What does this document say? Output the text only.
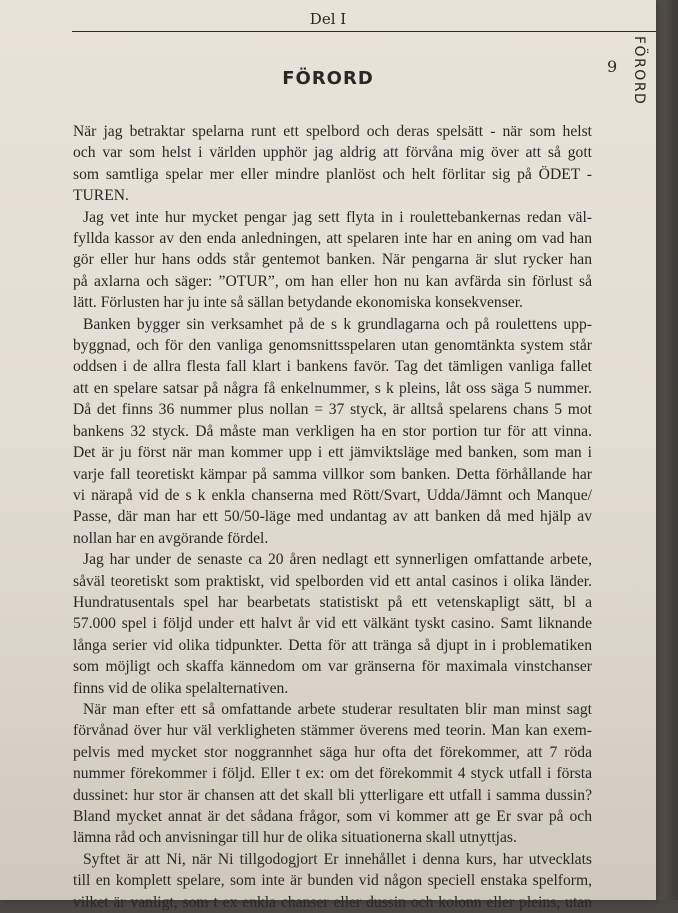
Del I
FÖRORD
9
FÖRORD

När jag betraktar spelarna runt ett spelbord och deras spelsätt - när som helst
och var som helst i världen upphör jag aldrig att förvåna mig över att så gott
som samtliga spelar mer eller mindre planlöst och helt förlitar sig på ÖDET -
TUREN.

Jag vet inte hur mycket pengar jag sett flyta in i roulettebankernas redan väl-
fyllda kassor av den enda anledningen, att spelaren inte har en aning om vad han
gör eller hur hans odds står gentemot banken. När pengarna är slut rycker han
på axlarna och säger: ”OTUR”, om han eller hon nu kan avfärda sin förlust så
lätt. Förlusten har ju inte så sällan betydande ekonomiska konsekvenser.

Banken bygger sin verksamhet på de s k grundlagarna och på roulettens upp-
byggnad, och för den vanliga genomsnittsspelaren utan genomtänkta system står
oddsen i de allra flesta fall klart i bankens favör. Tag det tämligen vanliga fallet
att en spelare satsar på några få enkelnummer, s k pleins, låt oss säga 5 nummer.
Då det finns 36 nummer plus nollan = 37 styck, är alltså spelarens chans 5 mot
bankens 32 styck. Då måste man verkligen ha en stor portion tur för att vinna.
Det är ju först när man kommer upp i ett jämviktsläge med banken, som man i
varje fall teoretiskt kämpar på samma villkor som banken. Detta förhållande har
vi närapå vid de s k enkla chanserna med Rött/Svart, Udda/Jämnt och Manque/
Passe, där man har ett 50/50-läge med undantag av att banken då med hjälp av
nollan har en avgörande fördel.

Jag har under de senaste ca 20 åren nedlagt ett synnerligen omfattande arbete,
såväl teoretiskt som praktiskt, vid spelborden vid ett antal casinos i olika länder.
Hundratusentals spel har bearbetats statistiskt på ett vetenskapligt sätt, bl a
57.000 spel i följd under ett halvt år vid ett välkänt tyskt casino. Samt liknande
långa serier vid olika tidpunkter. Detta för att tränga så djupt in i problematiken
som möjligt och skaffa kännedom om var gränserna för maximala vinstchanser
finns vid de olika spelalternativen.

När man efter ett så omfattande arbete studerar resultaten blir man minst sagt
förvånad över hur väl verkligheten stämmer överens med teorin. Man kan exem-
pelvis med mycket stor noggrannhet säga hur ofta det förekommer, att 7 röda
nummer förekommer i följd. Eller t ex: om det förekommit 4 styck utfall i första
dussinet: hur stor är chansen att det skall bli ytterligare ett utfall i samma dussin?
Bland mycket annat är det sådana frågor, som vi kommer att ge Er svar på och
lämna råd och anvisningar till hur de olika situationerna skall utnyttjas.

Syftet är att Ni, när Ni tillgodogjort Er innehållet i denna kurs, har utvecklats
till en komplett spelare, som inte är bunden vid någon speciell enstaka spelform,
vilket är vanligt, som t ex enkla chanser eller dussin och kolonn eller pleins, utan
